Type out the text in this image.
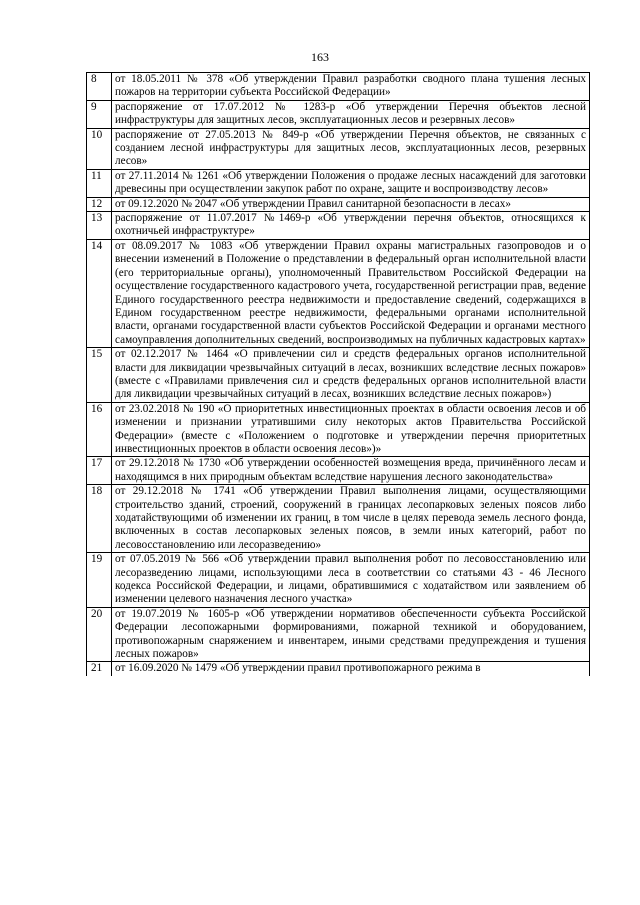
163
8	от 18.05.2011 № 378 «Об утверждении Правил разработки сводного плана тушения лесных пожаров на территории субъекта Российской Федерации»
9	распоряжение от 17.07.2012 № 1283-р «Об утверждении Перечня объектов лесной инфраструктуры для защитных лесов, эксплуатационных лесов и резервных лесов»
10	распоряжение от 27.05.2013 № 849-р «Об утверждении Перечня объектов, не связанных с созданием лесной инфраструктуры для защитных лесов, эксплуатационных лесов, резервных лесов»
11	от 27.11.2014 № 1261 «Об утверждении Положения о продаже лесных насаждений для заготовки древесины при осуществлении закупок работ по охране, защите и воспроизводству лесов»
12	от 09.12.2020 № 2047 «Об утверждении Правил санитарной безопасности в лесах»
13	распоряжение от 11.07.2017 №1469-р «Об утверждении перечня объектов, относящихся к охотничьей инфраструктуре»
14	от 08.09.2017 № 1083 «Об утверждении Правил охраны магистральных газопроводов и о внесении изменений в Положение о представлении в федеральный орган исполнительной власти (его территориальные органы), уполномоченный Правительством Российской Федерации на осуществление государственного кадастрового учета, государственной регистрации прав, ведение Единого государственного реестра недвижимости и предоставление сведений, содержащихся в Едином государственном реестре недвижимости, федеральными органами исполнительной власти, органами государственной власти субъектов Российской Федерации и органами местного самоуправления дополнительных сведений, воспроизводимых на публичных кадастровых картах»
15	от 02.12.2017 № 1464 «О привлечении сил и средств федеральных органов исполнительной власти для ликвидации чрезвычайных ситуаций в лесах, возникших вследствие лесных пожаров» (вместе с «Правилами привлечения сил и средств федеральных органов исполнительной власти для ликвидации чрезвычайных ситуаций в лесах, возникших вследствие лесных пожаров»)
16	от 23.02.2018 № 190 «О приоритетных инвестиционных проектах в области освоения лесов и об изменении и признании утратившими силу некоторых актов Правительства Российской Федерации» (вместе с «Положением о подготовке и утверждении перечня приоритетных инвестиционных проектов в области освоения лесов»)»
17	от 29.12.2018 № 1730 «Об утверждении особенностей возмещения вреда, причинённого лесам и находящимся в них природным объектам вследствие нарушения лесного законодательства»
18	от 29.12.2018 № 1741 «Об утверждении Правил выполнения лицами, осуществляющими строительство зданий, строений, сооружений в границах лесопарковых зеленых поясов либо ходатайствующими об изменении их границ, в том числе в целях перевода земель лесного фонда, включенных в состав лесопарковых зеленых поясов, в земли иных категорий, работ по лесовосстановлению или лесоразведению»
19	от 07.05.2019 № 566 «Об утверждении правил выполнения робот по лесовосстановлению или лесоразведению лицами, использующими леса в соответствии со статьями 43 - 46 Лесного кодекса Российской Федерации, и лицами, обратившимися с ходатайством или заявлением об изменении целевого назначения лесного участка»
20	от 19.07.2019 № 1605-р «Об утверждении нормативов обеспеченности субъекта Российской Федерации лесопожарными формированиями, пожарной техникой и оборудованием, противопожарным снаряжением и инвентарем, иными средствами предупреждения и тушения лесных пожаров»
21	от 16.09.2020 № 1479 «Об утверждении правил противопожарного режима в
